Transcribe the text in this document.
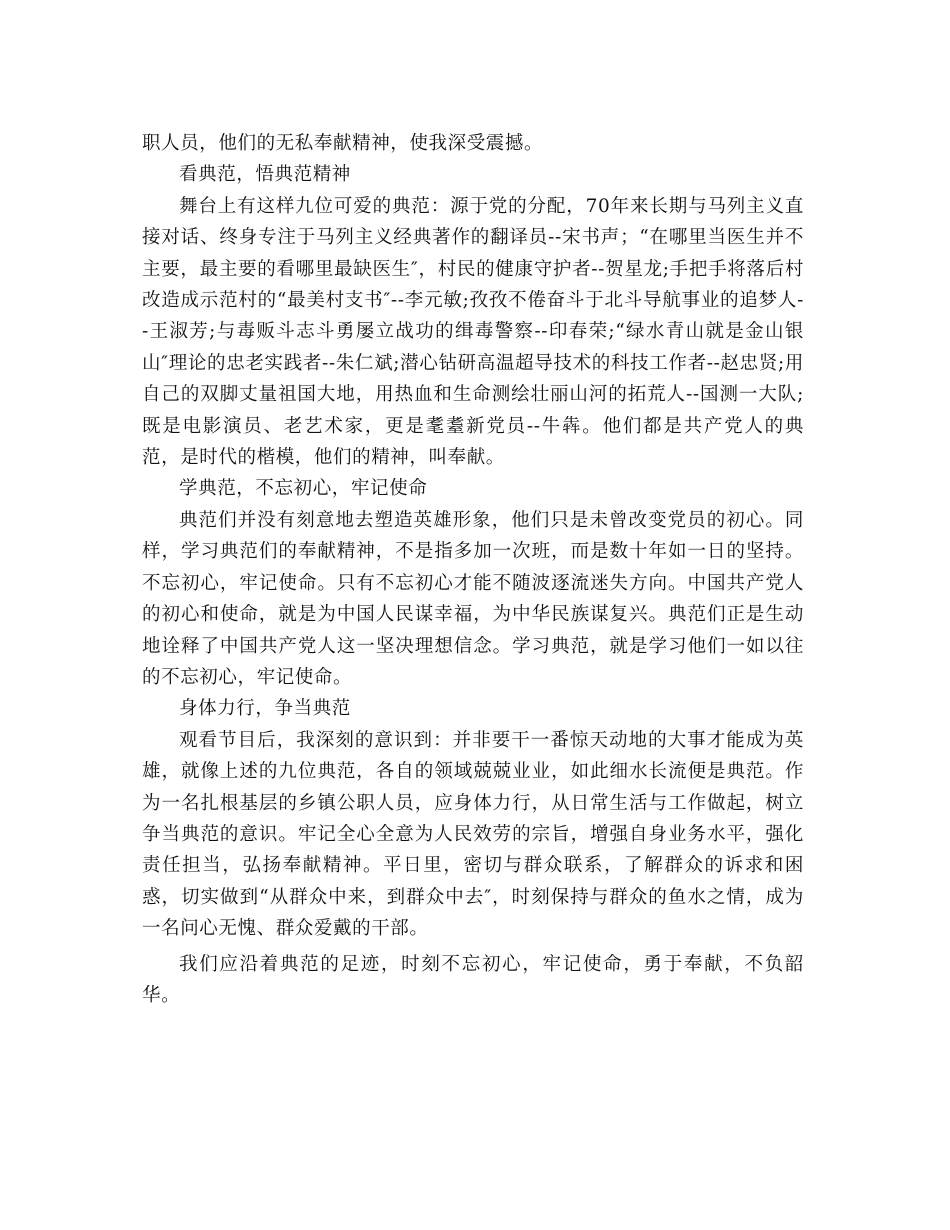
职人员，他们的无私奉献精神，使我深受震撼。

看典范，悟典范精神

舞台上有这样九位可爱的典范：源于党的分配，70年来长期与马列主义直接对话、终身专注于马列主义经典著作的翻译员--宋书声；“在哪里当医生并不主要，最主要的看哪里最缺医生″，村民的健康守护者--贺星龙;手把手将落后村改造成示范村的“最美村支书″--李元敏;孜孜不倦奋斗于北斗导航事业的追梦人--王淑芳;与毒贩斗志斗勇屡立战功的缉毒警察--印春荣;“绿水青山就是金山银山″理论的忠老实践者--朱仁斌;潜心钻研高温超导技术的科技工作者--赵忠贤;用自己的双脚丈量祖国大地，用热血和生命测绘壮丽山河的拓荒人--国测一大队;既是电影演员、老艺术家，更是耄耋新党员--牛犇。他们都是共产党人的典范，是时代的楷模，他们的精神，叫奉献。

学典范，不忘初心，牢记使命

典范们并没有刻意地去塑造英雄形象，他们只是未曾改变党员的初心。同样，学习典范们的奉献精神，不是指多加一次班，而是数十年如一日的坚持。不忘初心，牢记使命。只有不忘初心才能不随波逐流迷失方向。中国共产党人的初心和使命，就是为中国人民谋幸福，为中华民族谋复兴。典范们正是生动地诠释了中国共产党人这一坚决理想信念。学习典范，就是学习他们一如以往的不忘初心，牢记使命。

身体力行，争当典范

观看节目后，我深刻的意识到：并非要干一番惊天动地的大事才能成为英雄，就像上述的九位典范，各自的领域兢兢业业，如此细水长流便是典范。作为一名扎根基层的乡镇公职人员，应身体力行，从日常生活与工作做起，树立争当典范的意识。牢记全心全意为人民效劳的宗旨，增强自身业务水平，强化责任担当，弘扬奉献精神。平日里，密切与群众联系，了解群众的诉求和困惑，切实做到“从群众中来，到群众中去″，时刻保持与群众的鱼水之情，成为一名问心无愧、群众爱戴的干部。

我们应沿着典范的足迹，时刻不忘初心，牢记使命，勇于奉献，不负韶华。
